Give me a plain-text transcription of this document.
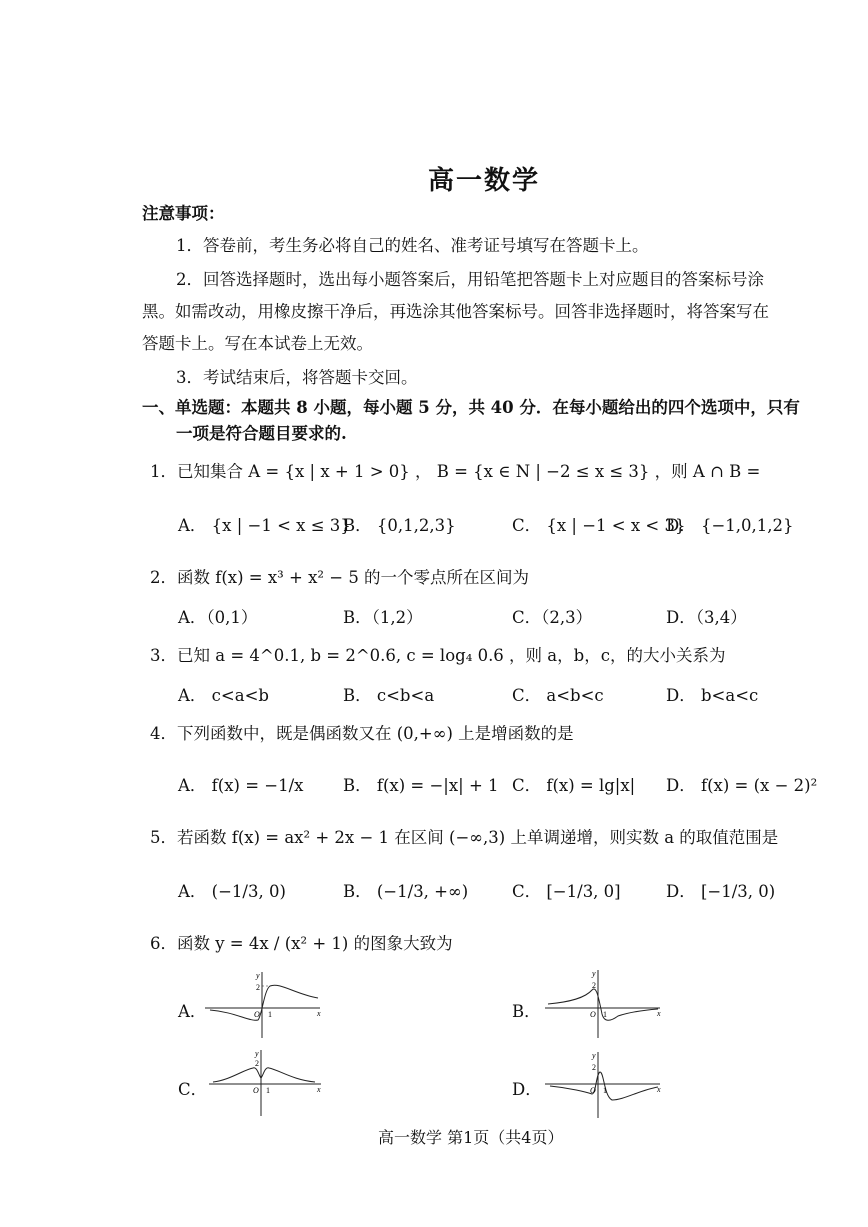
高一数学
注意事项：
1．答卷前，考生务必将自己的姓名、准考证号填写在答题卡上。
2．回答选择题时，选出每小题答案后，用铅笔把答题卡上对应题目的答案标号涂
黑。如需改动，用橡皮擦干净后，再选涂其他答案标号。回答非选择题时，将答案写在
答题卡上。写在本试卷上无效。
3．考试结束后，将答题卡交回。
一、单选题：本题共 8 小题，每小题 5 分，共 40 分．在每小题给出的四个选项中，只有
一项是符合题目要求的.
1．已知集合 A = {x | x + 1 > 0} ， B = {x ∈ N | −2 ≤ x ≤ 3} ，则 A ∩ B =
A． {x | −1 < x ≤ 3}
B． {0,1,2,3}	C． {x | −1 < x < 3}
D． {−1,0,1,2}
2．函数 f(x) = x³ + x² − 5 的一个零点所在区间为
A．（0,1）	B．（1,2）	C．（2,3）	D．（3,4）
3．已知 a = 4^0.1, b = 2^0.6, c = log₄ 0.6 ，则 a，b，c，的大小关系为
A． c<a<b	B． c<b<a	C． a<b<c	D． b<a<c
4．下列函数中，既是偶函数又在 (0,+∞) 上是增函数的是
A． f(x) = −1/x B． f(x) = −|x| + 1 C． f(x) = lg|x| D． f(x) = (x − 2)²
5．若函数 f(x) = ax² + 2x − 1 在区间 (−∞,3) 上单调递增，则实数 a 的取值范围是
A． (−1/3, 0)	B． (−1/3, +∞)	C． [−1/3, 0]	D． [−1/3, 0)
6．函数 y = 4x / (x² + 1) 的图象大致为
A．	B．
C．	D．
y
x
O 1
2
y
x
O 1
2
y
x
O 1
2
y
x
O 1
2
高一数学 第1页（共4页）
